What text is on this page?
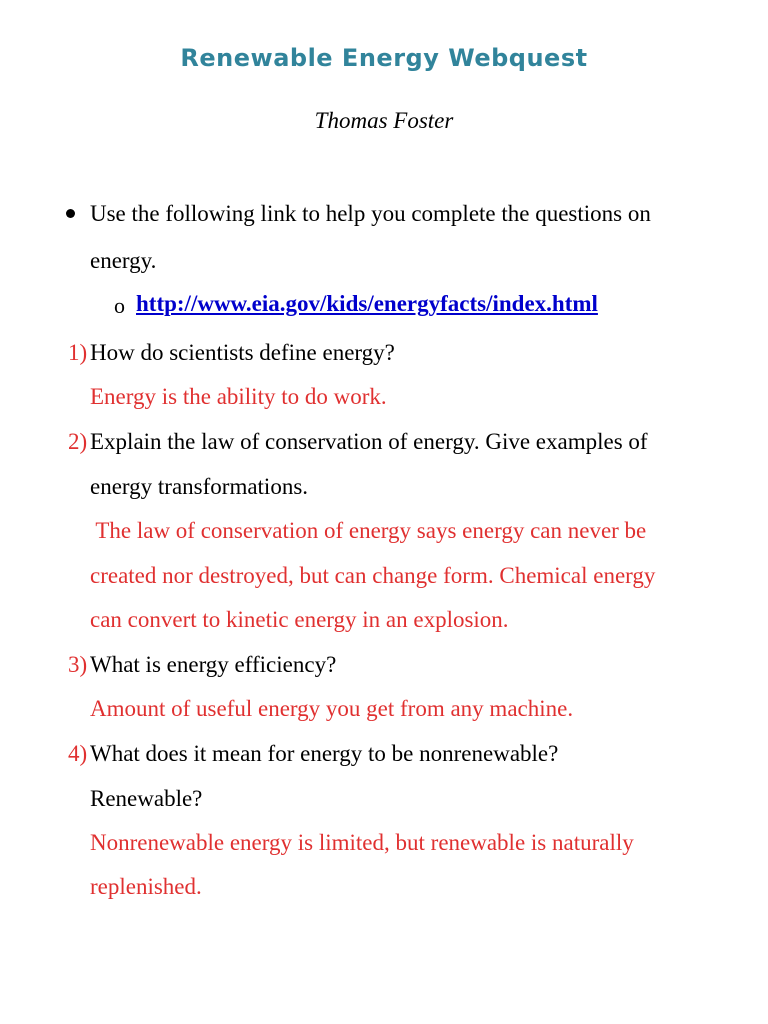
Renewable Energy Webquest
Thomas Foster
Use the following link to help you complete the questions on
energy.
o http://www.eia.gov/kids/energyfacts/index.html
1) How do scientists define energy?
Energy is the ability to do work.
2) Explain the law of conservation of energy. Give examples of
energy transformations.
The law of conservation of energy says energy can never be
created nor destroyed, but can change form. Chemical energy
can convert to kinetic energy in an explosion.
3) What is energy efficiency?
Amount of useful energy you get from any machine.
4) What does it mean for energy to be nonrenewable?
Renewable?
Nonrenewable energy is limited, but renewable is naturally
replenished.
